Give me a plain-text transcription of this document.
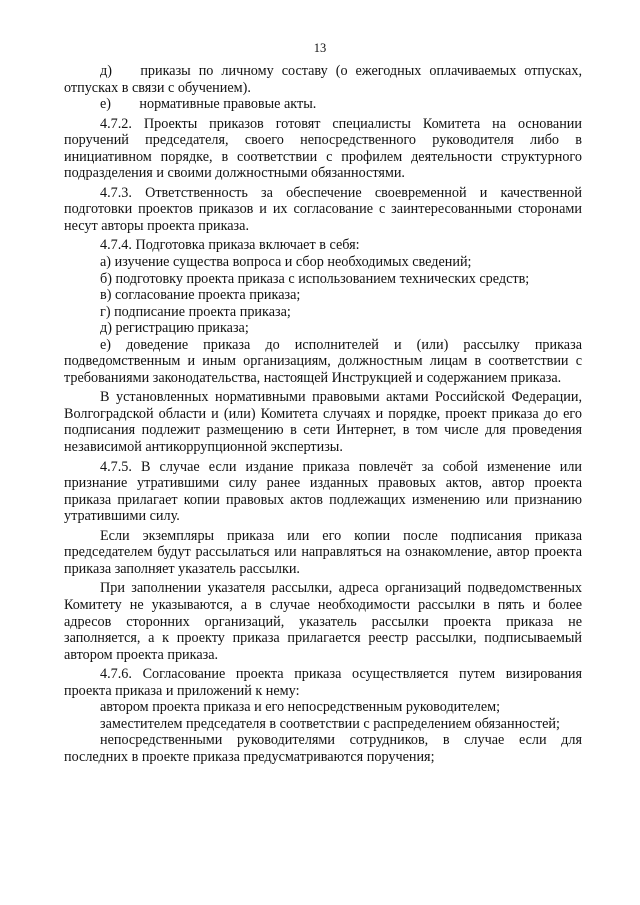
13

д)  приказы по личному составу (о ежегодных оплачиваемых отпусках, отпусках в связи с обучением).

е)  нормативные правовые акты.

4.7.2. Проекты приказов готовят специалисты Комитета на основании поручений председателя, своего непосредственного руководителя либо в инициативном порядке, в соответствии с профилем деятельности структурного подразделения и своими должностными обязанностями.

4.7.3. Ответственность за обеспечение своевременной и качественной подготовки проектов приказов и их согласование с заинтересованными сторонами несут авторы проекта приказа.

4.7.4. Подготовка приказа включает в себя:

а) изучение существа вопроса и сбор необходимых сведений;

б) подготовку проекта приказа с использованием технических средств;

в) согласование проекта приказа;

г) подписание проекта приказа;

д) регистрацию приказа;

е) доведение приказа до исполнителей и (или) рассылку приказа подведомственным и иным организациям, должностным лицам в соответствии с требованиями законодательства, настоящей Инструкцией и содержанием приказа.

В установленных нормативными правовыми актами Российской Федерации, Волгоградской области и (или) Комитета случаях и порядке, проект приказа до его подписания подлежит размещению в сети Интернет, в том числе для проведения независимой антикоррупционной экспертизы.

4.7.5. В случае если издание приказа повлечёт за собой изменение или признание утратившими силу ранее изданных правовых актов, автор проекта приказа прилагает копии правовых актов подлежащих изменению или признанию утратившими силу.

Если экземпляры приказа или его копии после подписания приказа председателем будут рассылаться или направляться на ознакомление, автор проекта приказа заполняет указатель рассылки.

При заполнении указателя рассылки, адреса организаций подведомственных Комитету не указываются, а в случае необходимости рассылки в пять и более адресов сторонних организаций, указатель рассылки проекта приказа не заполняется, а к проекту приказа прилагается реестр рассылки, подписываемый автором проекта приказа.

4.7.6. Согласование проекта приказа осуществляется путем визирования проекта приказа и приложений к нему:

автором проекта приказа и его непосредственным руководителем;

заместителем председателя в соответствии с распределением обязанностей;

непосредственными руководителями сотрудников, в случае если для последних в проекте приказа предусматриваются поручения;
